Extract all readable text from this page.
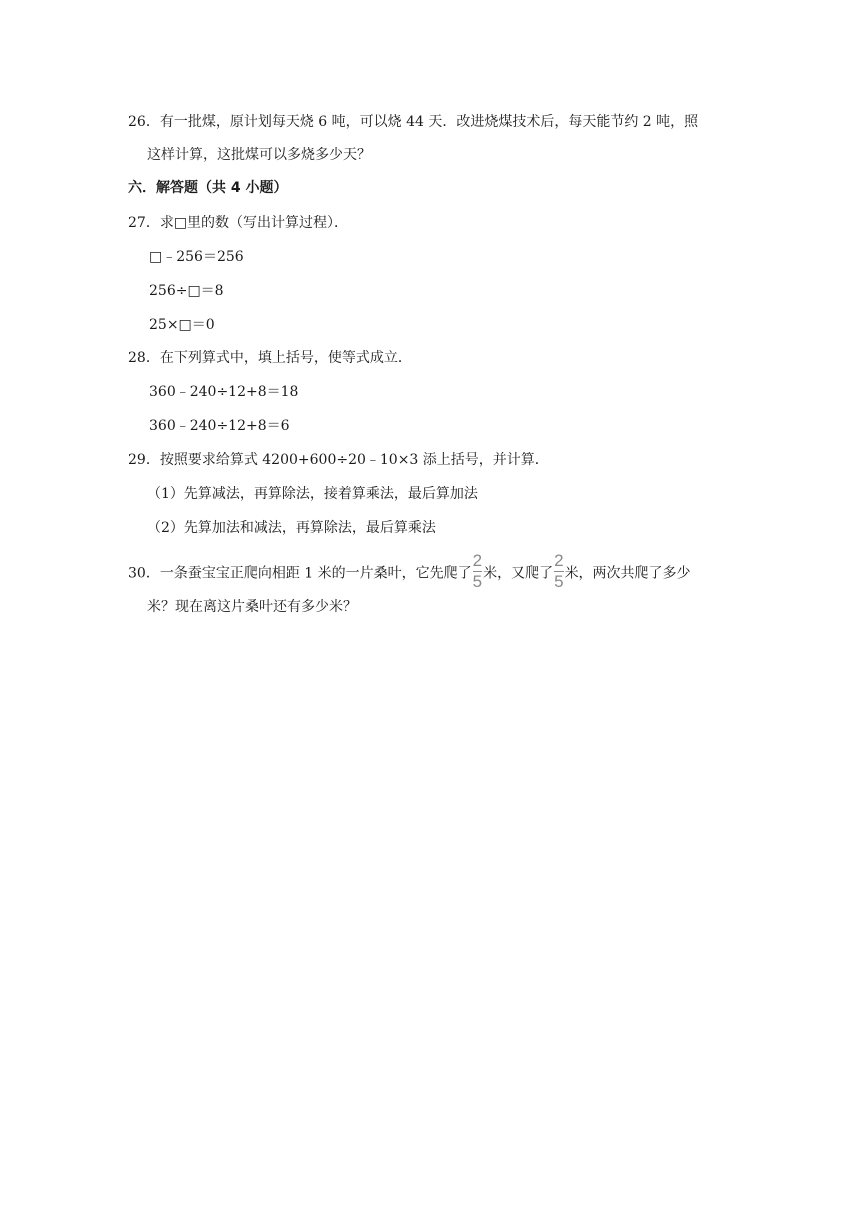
26．有一批煤，原计划每天烧 6 吨，可以烧 44 天．改进烧煤技术后，每天能节约 2 吨，照
这样计算，这批煤可以多烧多少天？
六．解答题（共 4 小题）
27．求□里的数（写出计算过程）．
□﹣256＝256
256÷□＝8
25×□＝0
28．在下列算式中，填上括号，使等式成立．
360﹣240÷12+8＝18
360﹣240÷12+8＝6
29．按照要求给算式 4200+600÷20﹣10×3 添上括号，并计算．
（1）先算减法，再算除法，接着算乘法，最后算加法
（2）先算加法和减法，再算除法，最后算乘法
30．一条蚕宝宝正爬向相距 1 米的一片桑叶，它先爬了 $\frac{2}{5}$ 米，又爬了 $\frac{2}{5}$ 米，两次共爬了多少
米？现在离这片桑叶还有多少米？
